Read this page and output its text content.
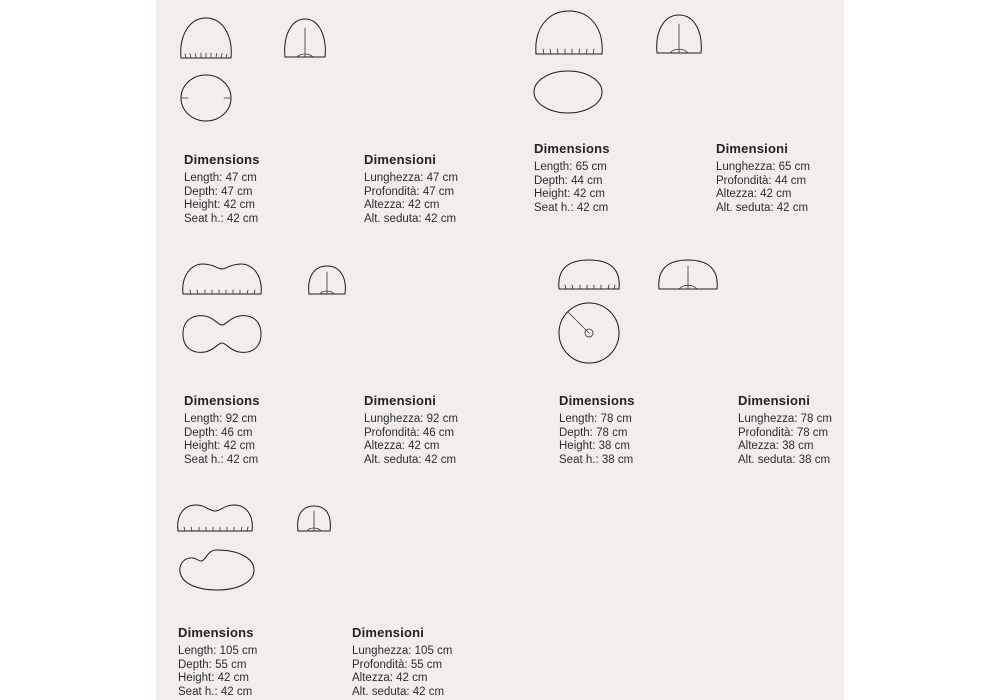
Dimensions
Length: 47 cm
Depth: 47 cm
Height: 42 cm
Seat h.: 42 cm
Dimensioni
Lunghezza: 47 cm
Profondità: 47 cm
Altezza: 42 cm
Alt. seduta: 42 cm
Dimensions
Length: 65 cm
Depth: 44 cm
Height: 42 cm
Seat h.: 42 cm
Dimensioni
Lunghezza: 65 cm
Profondità: 44 cm
Altezza: 42 cm
Alt. seduta: 42 cm
Dimensions
Length: 92 cm
Depth: 46 cm
Height: 42 cm
Seat h.: 42 cm
Dimensioni
Lunghezza: 92 cm
Profondità: 46 cm
Altezza: 42 cm
Alt. seduta: 42 cm
Dimensions
Length: 78 cm
Depth: 78 cm
Height: 38 cm
Seat h.: 38 cm
Dimensioni
Lunghezza: 78 cm
Profondità: 78 cm
Altezza: 38 cm
Alt. seduta: 38 cm
Dimensions
Length: 105 cm
Depth: 55 cm
Height: 42 cm
Seat h.: 42 cm
Dimensioni
Lunghezza: 105 cm
Profondità: 55 cm
Altezza: 42 cm
Alt. seduta: 42 cm
